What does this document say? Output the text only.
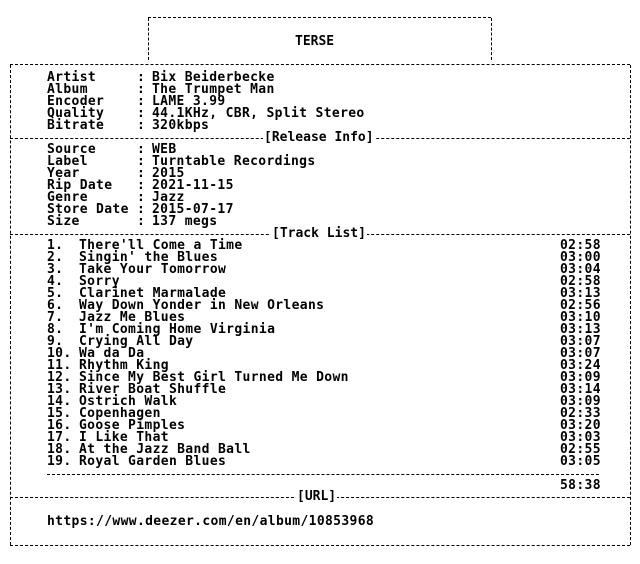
TERSE
Artist	: Bix Beiderbecke
Album	: The Trumpet Man
Encoder	: LAME 3.99
Quality	: 44.1KHz, CBR, Split Stereo
Bitrate	: 320kbps
[Release Info]
Source	: WEB
Label	: Turntable Recordings
Year	: 2015
Rip Date : 2021-11-15
Genre	: Jazz
Store Date : 2015-07-17
Size	: 137 megs
[Track List]
1. There'll Come a Time	02:58
2. Singin' the Blues	03:00
3. Take Your Tomorrow	03:04
4. Sorry	02:58
5. Clarinet Marmalade	03:13
6. Way Down Yonder in New Orleans	02:56
7. Jazz Me Blues	03:10
8. I'm Coming Home Virginia	03:13
9. Crying All Day	03:07
10. Wa da Da	03:07
11. Rhythm King	03:24
12. Since My Best Girl Turned Me Down	03:09
13. River Boat Shuffle	03:14
14. Ostrich Walk	03:09
15. Copenhagen	02:33
16. Goose Pimples	03:20
17. I Like That	03:03
18. At the Jazz Band Ball	02:55
19. Royal Garden Blues	03:05
58:38
[URL]
https://www.deezer.com/en/album/10853968
